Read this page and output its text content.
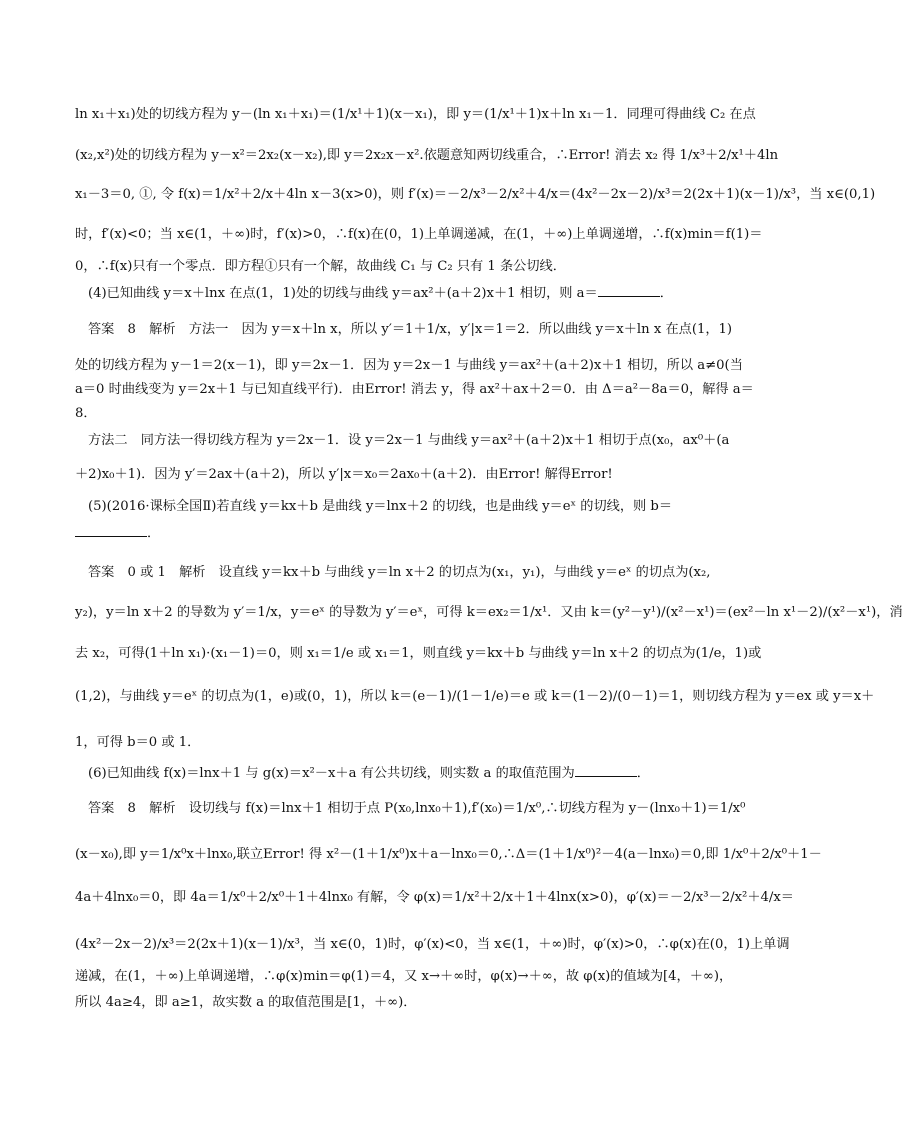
ln x₁＋x₁)处的切线方程为 y－(ln x₁＋x₁)＝(1/x¹＋1)(x－x₁)，即 y＝(1/x¹＋1)x＋ln x₁－1．同理可得曲线 C₂ 在点
(x₂,x²)处的切线方程为 y－x²＝2x₂(x－x₂),即 y＝2x₂x－x².依题意知两切线重合，∴Error! 消去 x₂ 得 1/x³＋2/x¹＋4ln
x₁－3＝0, ①, 令 f(x)＝1/x²＋2/x＋4ln x－3(x>0)，则 f′(x)＝－2/x³－2/x²＋4/x＝(4x²－2x－2)/x³＝2(2x＋1)(x－1)/x³，当 x∈(0,1)
时，f′(x)<0；当 x∈(1，＋∞)时，f′(x)>0，∴f(x)在(0，1)上单调递减，在(1，＋∞)上单调递增，∴f(x)min＝f(1)＝
0，∴f(x)只有一个零点．即方程①只有一个解，故曲线 C₁ 与 C₂ 只有 1 条公切线．
(4)已知曲线 y＝x＋lnx 在点(1，1)处的切线与曲线 y＝ax²＋(a＋2)x＋1 相切，则 a＝	．
答案　8　解析　方法一　因为 y＝x＋ln x，所以 y′＝1＋1/x，y′|x＝1＝2．所以曲线 y＝x＋ln x 在点(1，1)
处的切线方程为 y－1＝2(x－1)，即 y＝2x－1．因为 y＝2x－1 与曲线 y＝ax²＋(a＋2)x＋1 相切，所以 a≠0(当
a＝0 时曲线变为 y＝2x＋1 与已知直线平行)．由Error! 消去 y，得 ax²＋ax＋2＝0．由 Δ＝a²－8a＝0，解得 a＝
8．
方法二　同方法一得切线方程为 y＝2x－1．设 y＝2x－1 与曲线 y＝ax²＋(a＋2)x＋1 相切于点(x₀，ax⁰＋(a
＋2)x₀＋1)．因为 y′＝2ax＋(a＋2)，所以 y′|x＝x₀＝2ax₀＋(a＋2)．由Error! 解得Error!
(5)(2016·课标全国Ⅱ)若直线 y＝kx＋b 是曲线 y＝lnx＋2 的切线，也是曲线 y＝eˣ 的切线，则 b＝
．
答案　0 或 1　解析　设直线 y＝kx＋b 与曲线 y＝ln x＋2 的切点为(x₁，y₁)，与曲线 y＝eˣ 的切点为(x₂,
y₂)，y＝ln x＋2 的导数为 y′＝1/x，y＝eˣ 的导数为 y′＝eˣ，可得 k＝ex₂＝1/x¹．又由 k＝(y²－y¹)/(x²－x¹)＝(ex²－ln x¹－2)/(x²－x¹)，消
去 x₂，可得(1＋ln x₁)·(x₁－1)＝0，则 x₁＝1/e 或 x₁＝1，则直线 y＝kx＋b 与曲线 y＝ln x＋2 的切点为(1/e，1)或
(1,2)，与曲线 y＝eˣ 的切点为(1，e)或(0，1)，所以 k＝(e－1)/(1－1/e)＝e 或 k＝(1－2)/(0－1)＝1，则切线方程为 y＝ex 或 y＝x＋
1，可得 b＝0 或 1．
(6)已知曲线 f(x)＝lnx＋1 与 g(x)＝x²－x＋a 有公共切线，则实数 a 的取值范围为	．
答案　8　解析　设切线与 f(x)＝lnx＋1 相切于点 P(x₀,lnx₀＋1),f′(x₀)＝1/x⁰,∴切线方程为 y－(lnx₀＋1)＝1/x⁰
(x－x₀),即 y＝1/x⁰x＋lnx₀,联立Error! 得 x²－(1＋1/x⁰)x＋a－lnx₀＝0,∴Δ＝(1＋1/x⁰)²－4(a－lnx₀)＝0,即 1/x⁰＋2/x⁰＋1－
4a＋4lnx₀＝0，即 4a＝1/x⁰＋2/x⁰＋1＋4lnx₀ 有解，令 φ(x)＝1/x²＋2/x＋1＋4lnx(x>0)，φ′(x)＝－2/x³－2/x²＋4/x＝
(4x²－2x－2)/x³＝2(2x＋1)(x－1)/x³，当 x∈(0，1)时，φ′(x)<0，当 x∈(1，＋∞)时，φ′(x)>0，∴φ(x)在(0，1)上单调
递减，在(1，＋∞)上单调递增，∴φ(x)min＝φ(1)＝4，又 x→＋∞时，φ(x)→＋∞，故 φ(x)的值域为[4，＋∞)，
所以 4a≥4，即 a≥1，故实数 a 的取值范围是[1，＋∞)．
